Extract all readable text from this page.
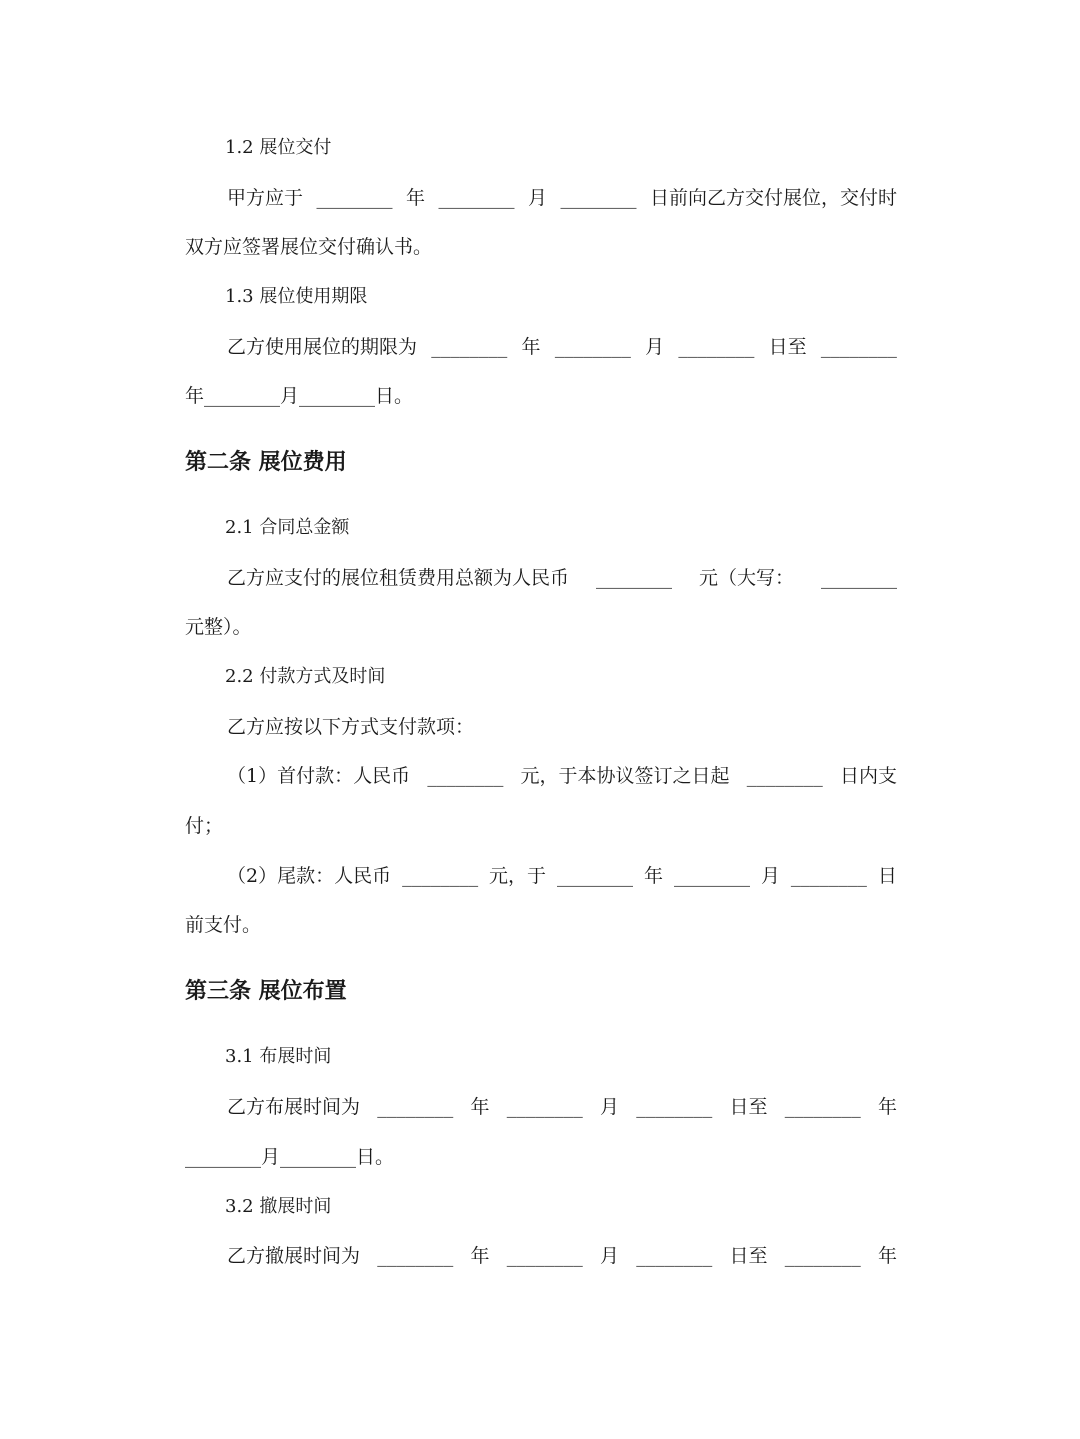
1.2 展位交付
甲方应于 ________ 年 ________ 月 ________ 日前向乙方交付展位，交付时
双方应签署展位交付确认书。
1.3 展位使用期限
乙方使用展位的期限为 ________ 年 ________ 月 ________ 日至 ________
年________月________日。
第二条 展位费用
2.1 合同总金额
乙方应支付的展位租赁费用总额为人民币 ________ 元（大写： ________
元整）。
2.2 付款方式及时间
乙方应按以下方式支付款项：
（1）首付款：人民币 ________ 元，于本协议签订之日起 ________ 日内支
付；
（2）尾款：人民币 ________ 元，于 ________ 年 ________ 月 ________ 日
前支付。
第三条 展位布置
3.1 布展时间
乙方布展时间为 ________ 年 ________ 月 ________ 日至 ________ 年
________月________日。
3.2 撤展时间
乙方撤展时间为 ________ 年 ________ 月 ________ 日至 ________ 年
